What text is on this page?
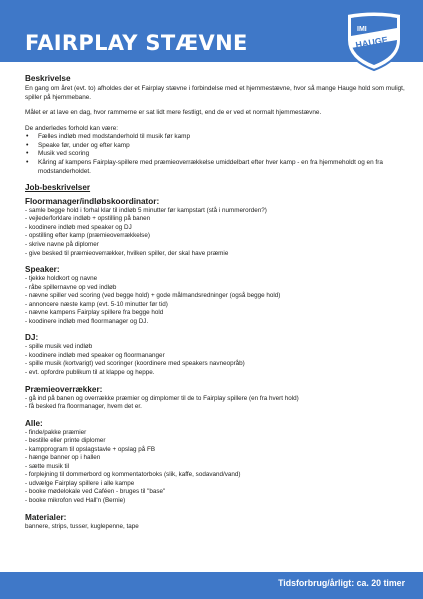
FAIRPLAY STÆVNE
IMI
HAUGE
Beskrivelse
En gang om året (evt. to) afholdes der et Fairplay stævne i forbindelse med et hjemmestævne, hvor så mange Hauge hold som muligt, spiller på hjemmebane.
Målet er at lave en dag, hvor rammerne er sat lidt mere festligt, end de er ved et normalt hjemmestævne.
De anderledes forhold kan være:
• Fælles indløb med modstanderhold til musik før kamp
• Speake før, under og efter kamp
• Musik ved scoring
• Kåring af kampens Fairplay-spillere med præmieoverrækkelse umiddelbart efter hver kamp - en fra hjemmeholdt og en fra modstanderholdet.
Job-beskrivelser
Floormanager/indløbskoordinator:
- samle begge hold i forhal klar til indløb 5 minutter før kampstart (stå i nummerorden?)
- vejlede/forklare indløb + opstilling på banen
- koodinere indløb med speaker og DJ
- opstilling efter kamp (præmieoverrækkelse)
- skrive navne på diplomer
- give besked til præmieoverrækker, hvilken spiller, der skal have præmie
Speaker:
- tjekke holdkort og navne
- råbe spillernavne op ved indløb
- nævne spiller ved scoring (ved begge hold) + gode målmandsredninger (også begge hold)
- annoncere næste kamp (evt. 5-10 minutter før tid)
- nævne kampens Fairplay spillere fra begge hold
- koodinere indløb med floormanager og DJ.
DJ:
- spille musik ved indløb
- koodinere indløb med speaker og floormananger
- spille musik (kortvarigt) ved scoringer (koordinere med speakers navneopråb)
- evt. opfordre publikum til at klappe og heppe.
Præmieoverrækker:
- gå ind på banen og overrække præmier og dimplomer til de to Fairplay spillere (en fra hvert hold)
- få besked fra floormanager, hvem det er.
Alle:
- finde/pakke præmier
- bestille eller printe diplomer
- kampprogram til opslagstavle + opslag på FB
- hænge banner op i hallen
- sætte musik til
- forplejning til dommerbord og kommentatorboks (slik, kaffe, sodavand/vand)
- udvælge Fairplay spillere i alle kampe
- booke mødelokale ved Caféen - bruges til "base"
- booke mikrofon ved Hall'n (Bernie)
Materialer:
bannere, strips, tusser, kuglepenne, tape
Tidsforbrug/årligt: ca. 20 timer
